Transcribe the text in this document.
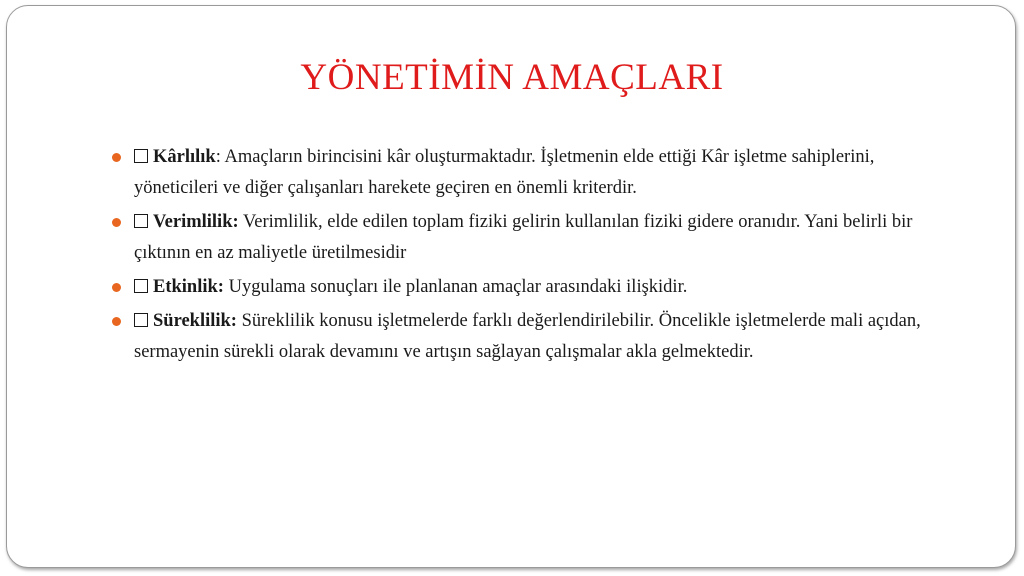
YÖNETİMİN AMAÇLARI
Kârlılık: Amaçların birincisini kâr oluşturmaktadır. İşletmenin elde ettiği Kâr işletme sahiplerini, yöneticileri ve diğer çalışanları harekete geçiren en önemli kriterdir.
Verimlilik: Verimlilik, elde edilen toplam fiziki gelirin kullanılan fiziki gidere oranıdır. Yani belirli bir çıktının en az maliyetle üretilmesidir
Etkinlik: Uygulama sonuçları ile planlanan amaçlar arasındaki ilişkidir.
Süreklilik: Süreklilik konusu işletmelerde farklı değerlendirilebilir. Öncelikle işletmelerde mali açıdan, sermayenin sürekli olarak devamını ve artışın sağlayan çalışmalar akla gelmektedir.
